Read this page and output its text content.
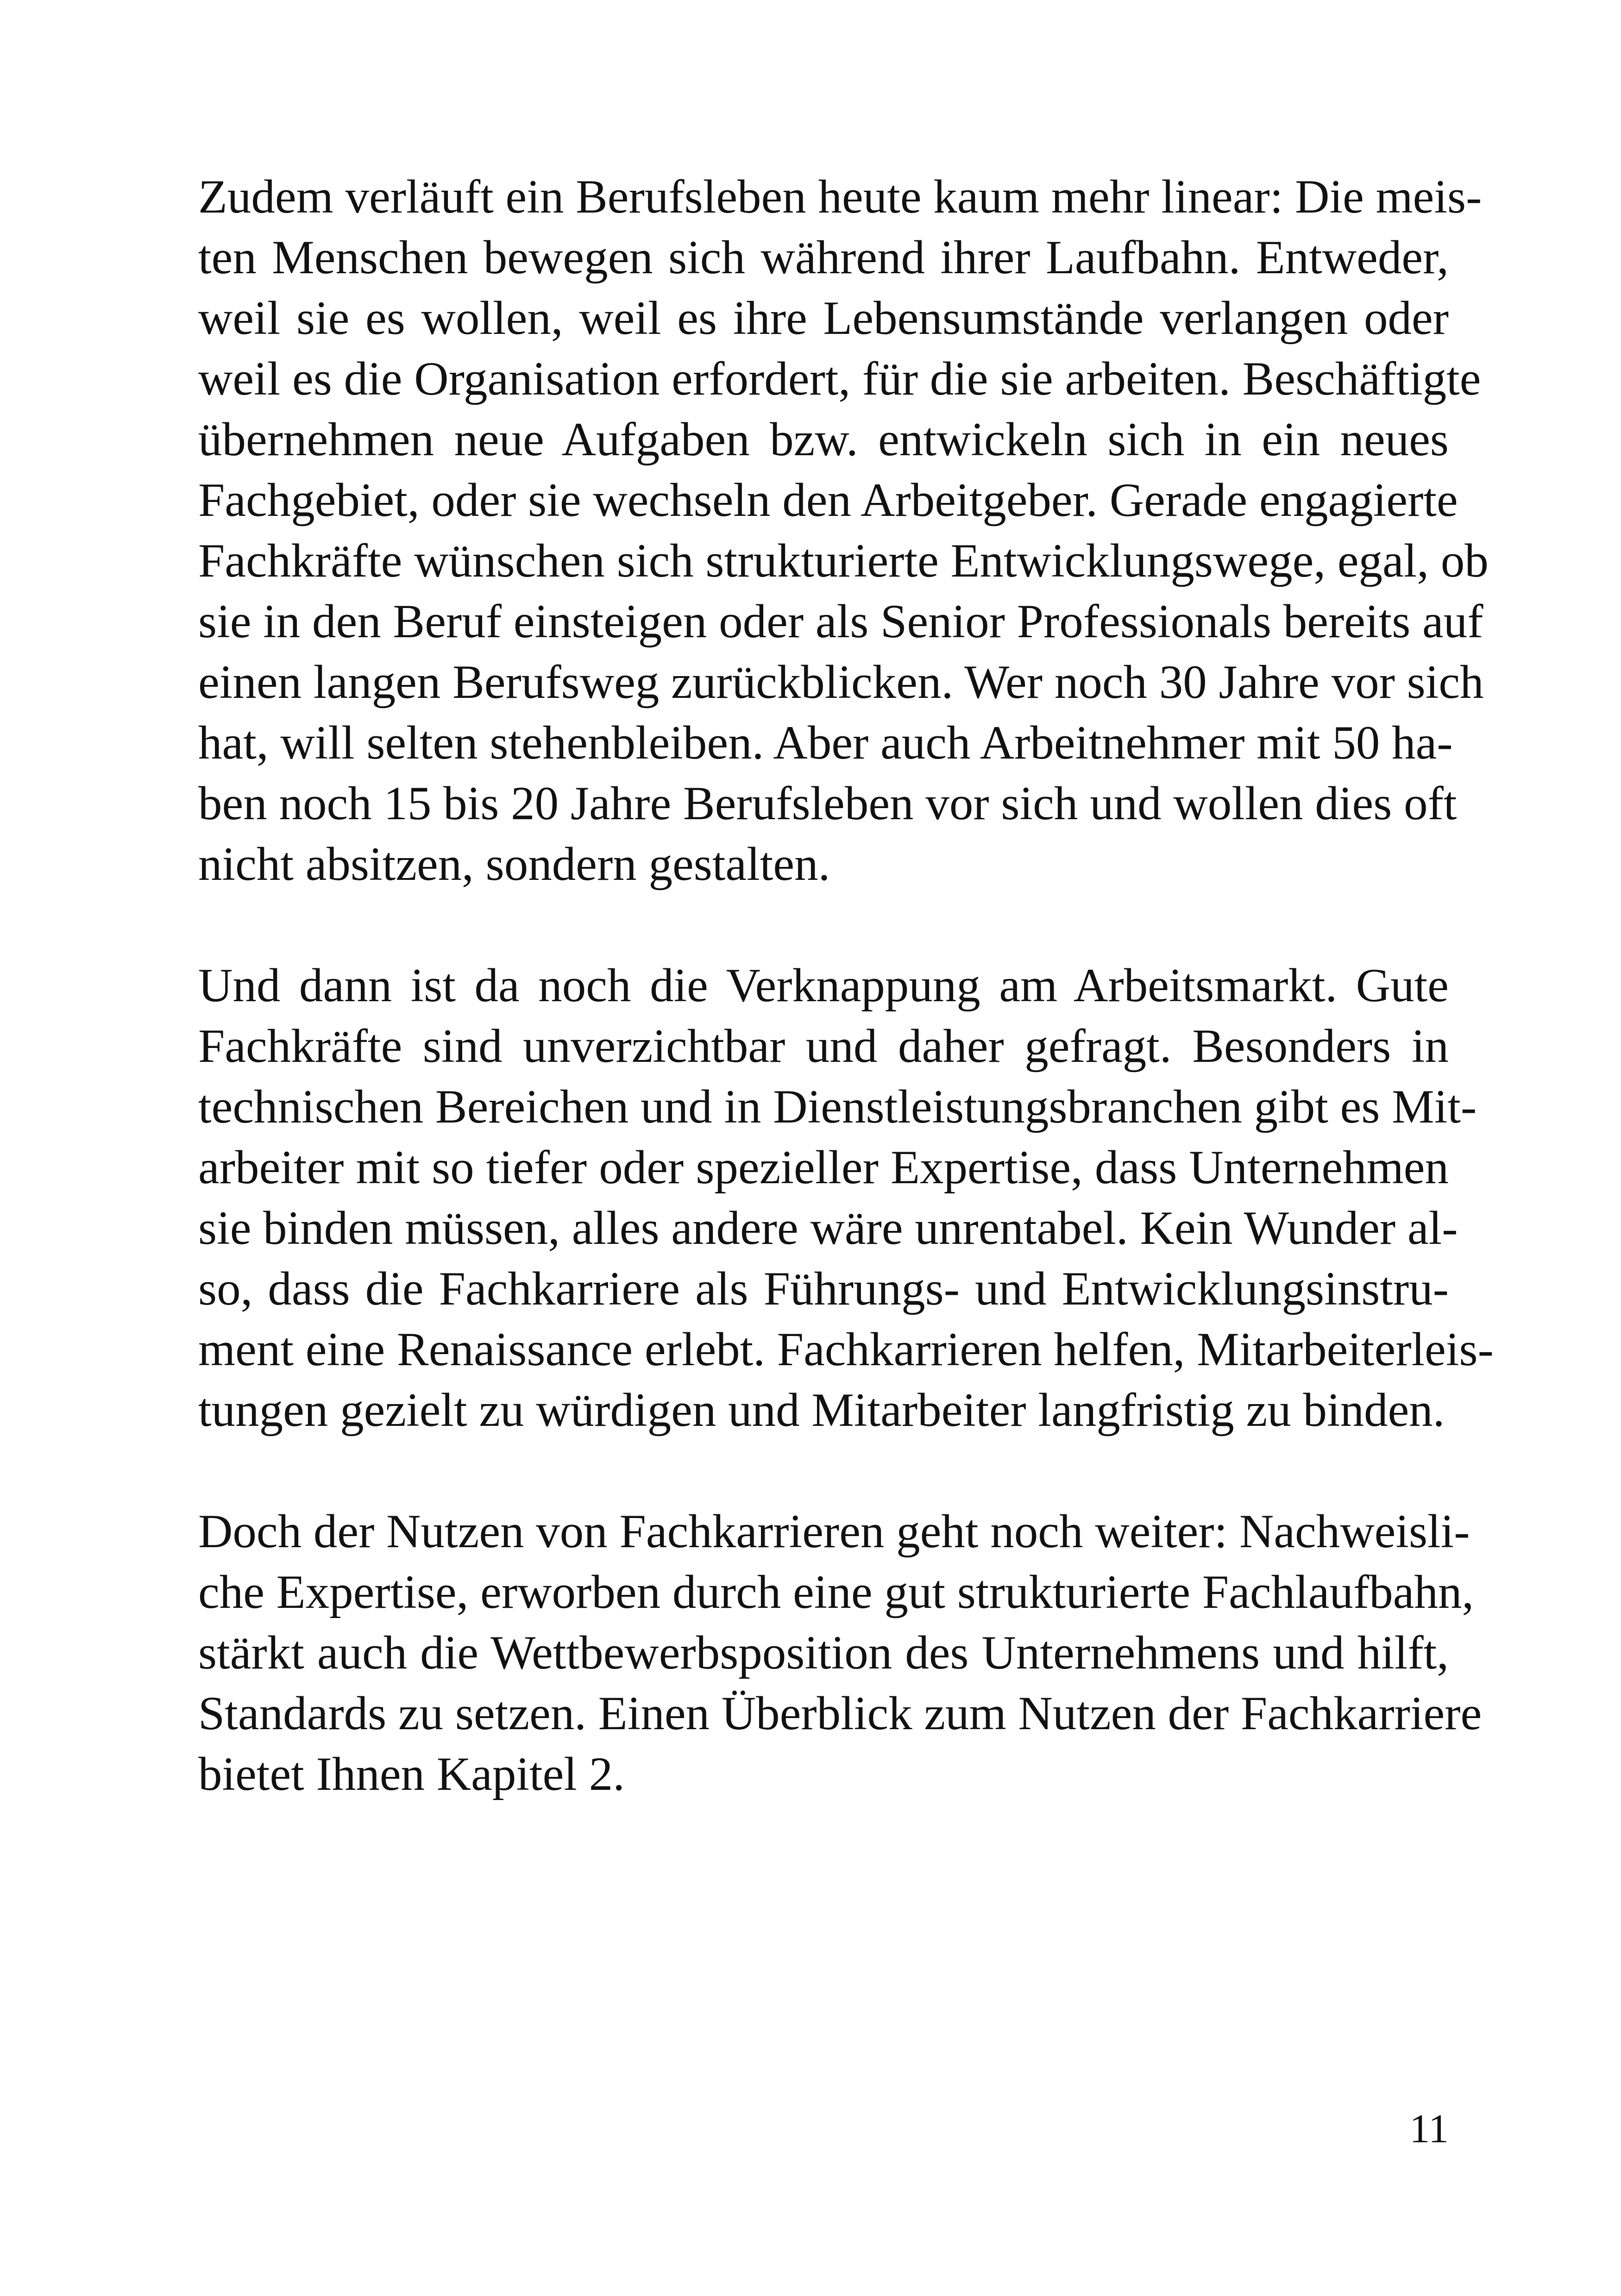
Zudem verläuft ein Berufsleben heute kaum mehr linear: Die meis-
ten Menschen bewegen sich während ihrer Laufbahn. Entweder,
weil sie es wollen, weil es ihre Lebensumstände verlangen oder
weil es die Organisation erfordert, für die sie arbeiten. Beschäftigte
übernehmen neue Aufgaben bzw. entwickeln sich in ein neues
Fachgebiet, oder sie wechseln den Arbeitgeber. Gerade engagierte
Fachkräfte wünschen sich strukturierte Entwicklungswege, egal, ob
sie in den Beruf einsteigen oder als Senior Professionals bereits auf
einen langen Berufsweg zurückblicken. Wer noch 30 Jahre vor sich
hat, will selten stehenbleiben. Aber auch Arbeitnehmer mit 50 ha-
ben noch 15 bis 20 Jahre Berufsleben vor sich und wollen dies oft
nicht absitzen, sondern gestalten.
Und dann ist da noch die Verknappung am Arbeitsmarkt. Gute
Fachkräfte sind unverzichtbar und daher gefragt. Besonders in
technischen Bereichen und in Dienstleistungsbranchen gibt es Mit-
arbeiter mit so tiefer oder spezieller Expertise, dass Unternehmen
sie binden müssen, alles andere wäre unrentabel. Kein Wunder al-
so, dass die Fachkarriere als Führungs- und Entwicklungsinstru-
ment eine Renaissance erlebt. Fachkarrieren helfen, Mitarbeiterleis-
tungen gezielt zu würdigen und Mitarbeiter langfristig zu binden.
Doch der Nutzen von Fachkarrieren geht noch weiter: Nachweisli-
che Expertise, erworben durch eine gut strukturierte Fachlaufbahn,
stärkt auch die Wettbewerbsposition des Unternehmens und hilft,
Standards zu setzen. Einen Überblick zum Nutzen der Fachkarriere
bietet Ihnen Kapitel 2.
11
